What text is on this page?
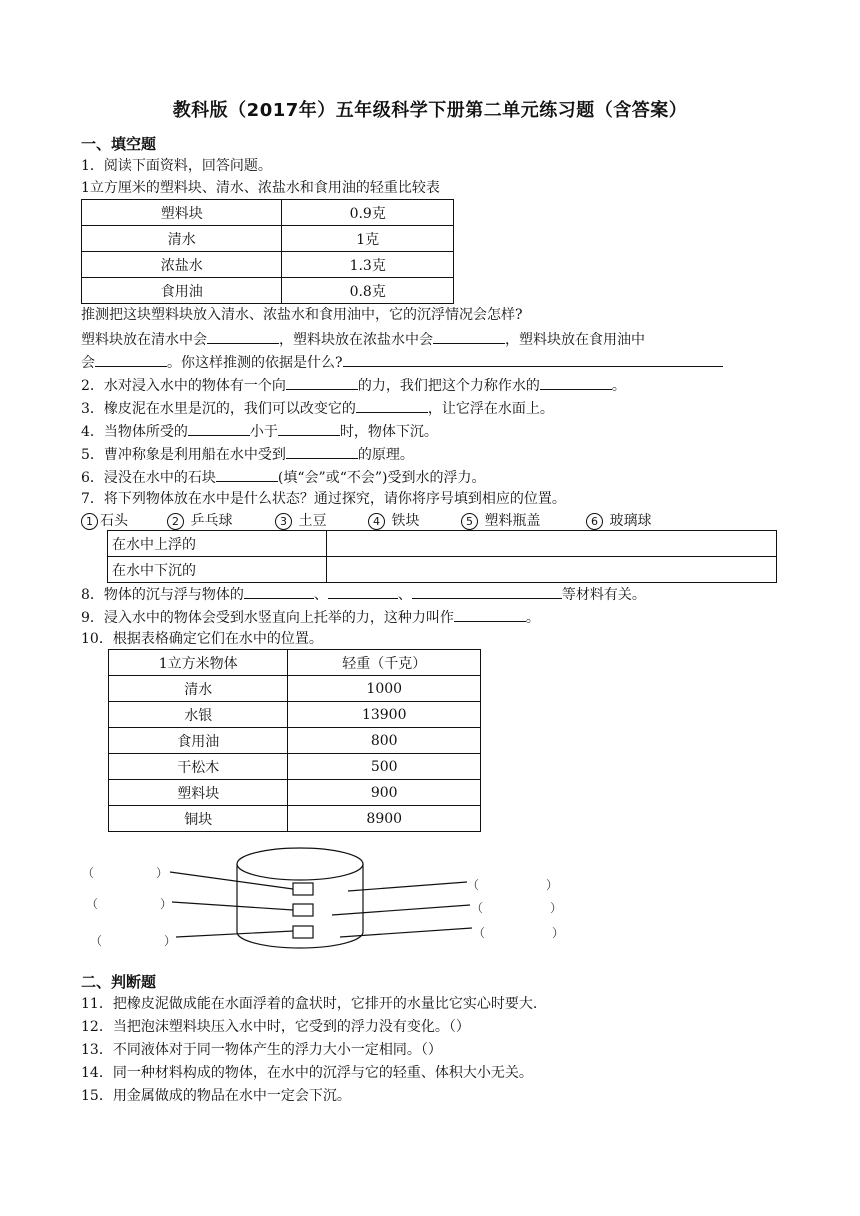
教科版（2017年）五年级科学下册第二单元练习题（含答案）
一、填空题
1．阅读下面资料，回答问题。
1立方厘米的塑料块、清水、浓盐水和食用油的轻重比较表
塑料块	0.9克
清水	1克
浓盐水	1.3克
食用油	0.8克
推测把这块塑料块放入清水、浓盐水和食用油中，它的沉浮情况会怎样?
塑料块放在清水中会	，塑料块放在浓盐水中会	，塑料块放在食用油中
会	。你这样推测的依据是什么?
2．水对浸入水中的物体有一个向	的力，我们把这个力称作水的	。
3．橡皮泥在水里是沉的，我们可以改变它的	，让它浮在水面上。
4．当物体所受的	小于	时，物体下沉。
5．曹冲称象是利用船在水中受到	的原理。
6．浸没在水中的石块	(填“会”或“不会”)受到水的浮力。
7．将下列物体放在水中是什么状态？通过探究，请你将序号填到相应的位置。
1 石头	2 乒乓球	3 土豆	4 铁块	5 塑料瓶盖	6 玻璃球
在水中上浮的	
在水中下沉的	
8．物体的沉与浮与物体的	、	、	等材料有关。
9．浸入水中的物体会受到水竖直向上托举的力，这种力叫作	。
10．根据表格确定它们在水中的位置。
1立方米物体	轻重（千克）
清水	1000
水银	13900
食用油	800
干松木	500
塑料块	900
铜块	8900
（	）
（	）
（	）
（	）
（	）
（	）
二、判断题
11．把橡皮泥做成能在水面浮着的盒状时，它排开的水量比它实心时要大.
12．当把泡沫塑料块压入水中时，它受到的浮力没有变化。（）
13．不同液体对于同一物体产生的浮力大小一定相同。（）
14．同一种材料构成的物体，在水中的沉浮与它的轻重、体积大小无关。
15．用金属做成的物品在水中一定会下沉。
